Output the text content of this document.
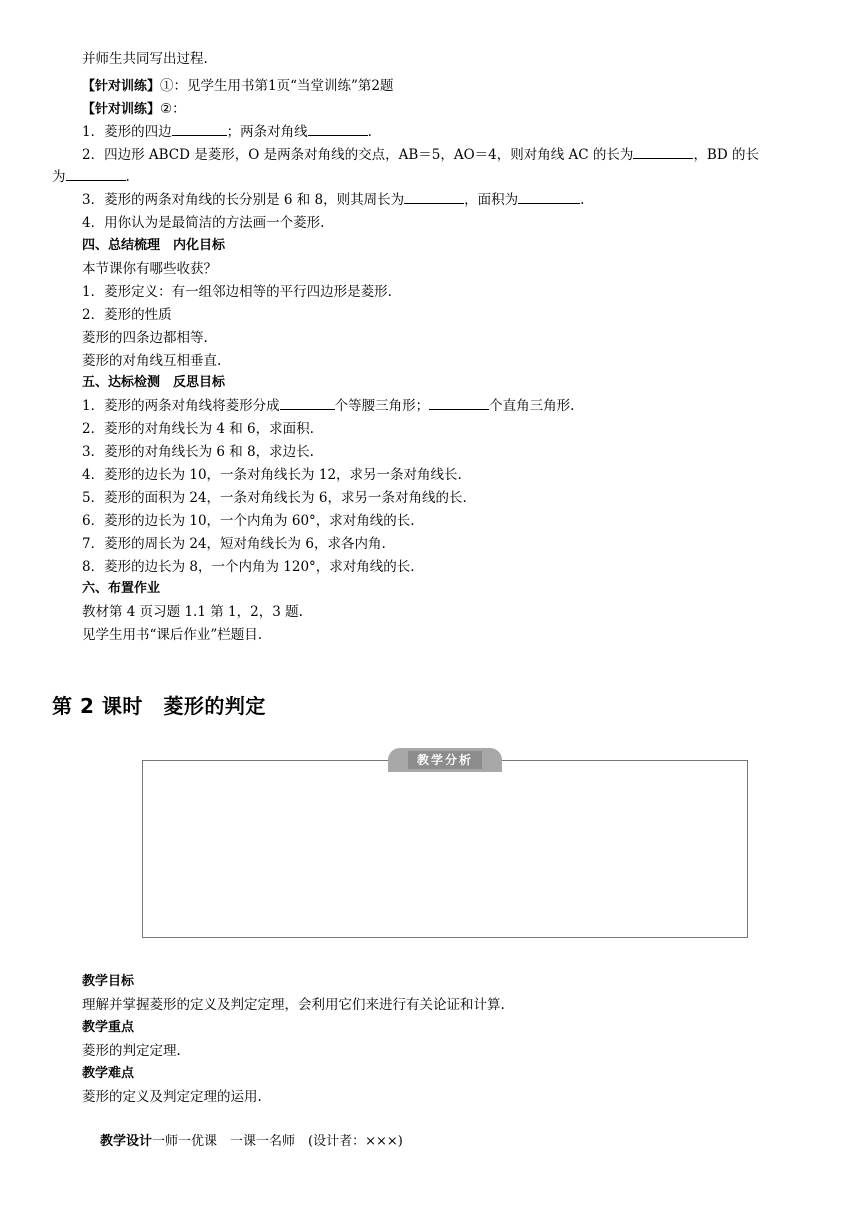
并师生共同写出过程.
【针对训练】①：见学生用书第1页“当堂训练”第2题
【针对训练】②：
1．菱形的四边	；两条对角线	.
2．四边形 ABCD 是菱形，O 是两条对角线的交点，AB＝5，AO＝4，则对角线 AC 的长为	，BD 的长
为	.
3．菱形的两条对角线的长分别是 6 和 8，则其周长为	，面积为	.
4．用你认为是最简洁的方法画一个菱形.
四、总结梳理　内化目标
本节课你有哪些收获？
1．菱形定义：有一组邻边相等的平行四边形是菱形.
2．菱形的性质
菱形的四条边都相等.
菱形的对角线互相垂直.
五、达标检测　反思目标
1．菱形的两条对角线将菱形分成	个等腰三角形；	个直角三角形.
2．菱形的对角线长为 4 和 6，求面积.
3．菱形的对角线长为 6 和 8，求边长.
4．菱形的边长为 10，一条对角线长为 12，求另一条对角线长.
5．菱形的面积为 24，一条对角线长为 6，求另一条对角线的长.
6．菱形的边长为 10，一个内角为 60°，求对角线的长.
7．菱形的周长为 24，短对角线长为 6，求各内角.
8．菱形的边长为 8，一个内角为 120°，求对角线的长.
六、布置作业
教材第 4 页习题 1.1 第 1，2，3 题.
见学生用书“课后作业”栏题目.
第 2 课时　菱形的判定
教学分析
教学目标
理解并掌握菱形的定义及判定定理，会利用它们来进行有关论证和计算.
教学重点
菱形的判定定理.
教学难点
菱形的定义及判定定理的运用.
教学设计一师一优课　一课一名师　(设计者：×××)
